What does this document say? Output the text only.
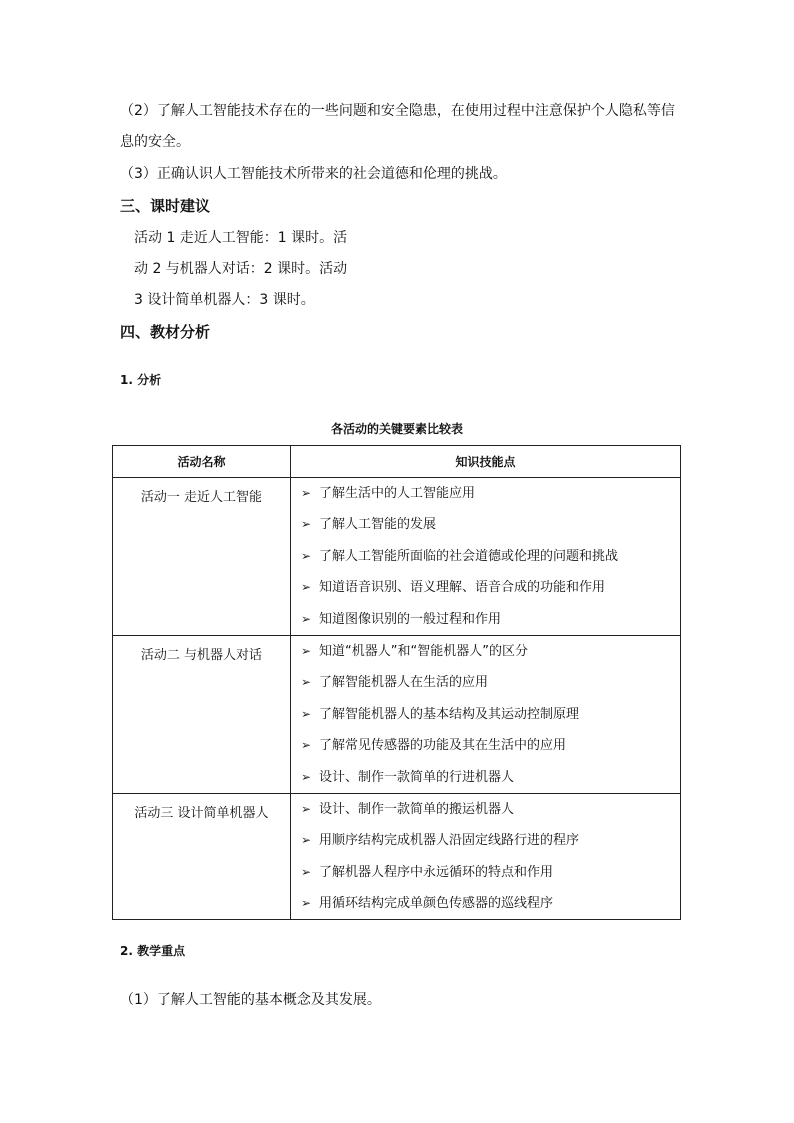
（2）了解人工智能技术存在的一些问题和安全隐患，在使用过程中注意保护个人隐私等信
息的安全。
（3）正确认识人工智能技术所带来的社会道德和伦理的挑战。
三、课时建议
活动 1 走近人工智能：1 课时。活
动 2 与机器人对话：2 课时。活动
3 设计简单机器人：3 课时。
四、教材分析
1. 分析
各活动的关键要素比较表
活动名称	知识技能点
活动一 走近人工智能	➢ 了解生活中的人工智能应用
➢ 了解人工智能的发展
➢ 了解人工智能所面临的社会道德或伦理的问题和挑战
➢ 知道语音识别、语义理解、语音合成的功能和作用
➢ 知道图像识别的一般过程和作用

活动二 与机器人对话	➢ 知道“机器人”和“智能机器人”的区分
➢ 了解智能机器人在生活的应用
➢ 了解智能机器人的基本结构及其运动控制原理
➢ 了解常见传感器的功能及其在生活中的应用
➢ 设计、制作一款简单的行进机器人

活动三 设计简单机器人	➢ 设计、制作一款简单的搬运机器人
➢ 用顺序结构完成机器人沿固定线路行进的程序
➢ 了解机器人程序中永远循环的特点和作用
➢ 用循环结构完成单颜色传感器的巡线程序
2. 教学重点
（1）了解人工智能的基本概念及其发展。
